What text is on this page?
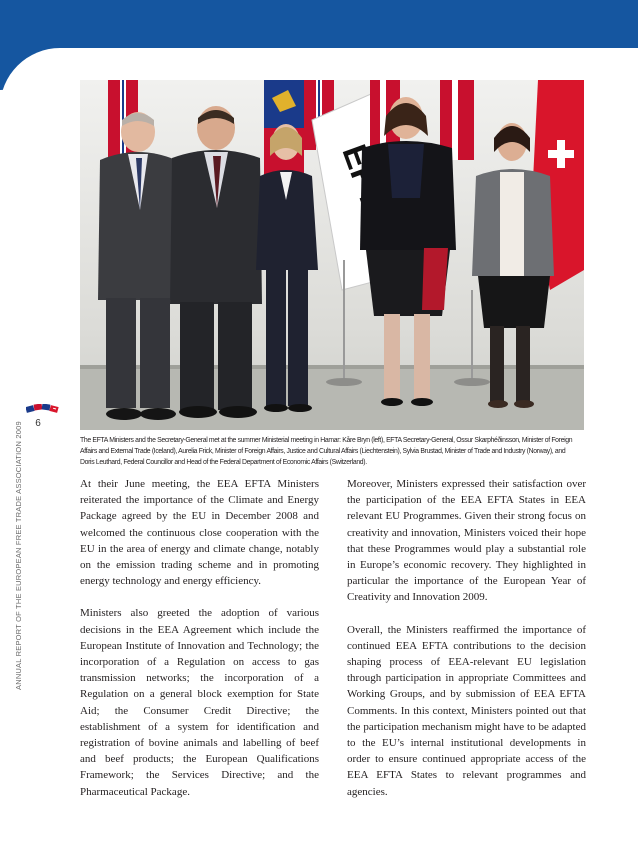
ANNUAL REPORT OF THE EUROPEAN FREE TRADE ASSOCIATION 2009	6
The EFTA Ministers and the Secretary-General met at the summer Ministerial meeting in Hamar: Kåre Bryn (left), EFTA Secretary-General, Össur Skarphéðinsson, Minister of Foreign Affairs and External Trade (Iceland), Aurelia Frick, Minister of Foreign Affairs, Justice and Cultural Affairs (Liechtenstein), Sylvia Brustad, Minister of Trade and Industry (Norway), and Doris Leuthard, Federal Councillor and Head of the Federal Department of Economic Affairs (Switzerland).

At their June meeting, the EEA EFTA Ministers reiterated the importance of the Climate and Energy Package agreed by the EU in December 2008 and welcomed the continuous close cooperation with the EU in the area of energy and climate change, notably on the emission trading scheme and in promoting energy technology and energy efficiency.

Ministers also greeted the adoption of various decisions in the EEA Agreement which include the European Institute of Innovation and Technology; the incorporation of a Regulation on access to gas transmission networks; the incorporation of a Regulation on a general block exemption for State Aid; the Consumer Credit Directive; the establishment of a system for identification and registration of bovine animals and labelling of beef and beef products; the European Qualifications Framework; the Services Directive; and the Pharmaceutical Package.

Moreover, Ministers expressed their satisfaction over the participation of the EEA EFTA States in EEA relevant EU Programmes. Given their strong focus on creativity and innovation, Ministers voiced their hope that these Programmes would play a substantial role in Europe’s economic recovery. They highlighted in particular the importance of the European Year of Creativity and Innovation 2009.

Overall, the Ministers reaffirmed the importance of continued EEA EFTA contributions to the decision shaping process of EEA-relevant EU legislation through participation in appropriate Committees and Working Groups, and by submission of EEA EFTA Comments. In this context, Ministers pointed out that the participation mechanism might have to be adapted to the EU’s internal institutional developments in order to ensure continued appropriate access of the EEA EFTA States to relevant programmes and agencies.
